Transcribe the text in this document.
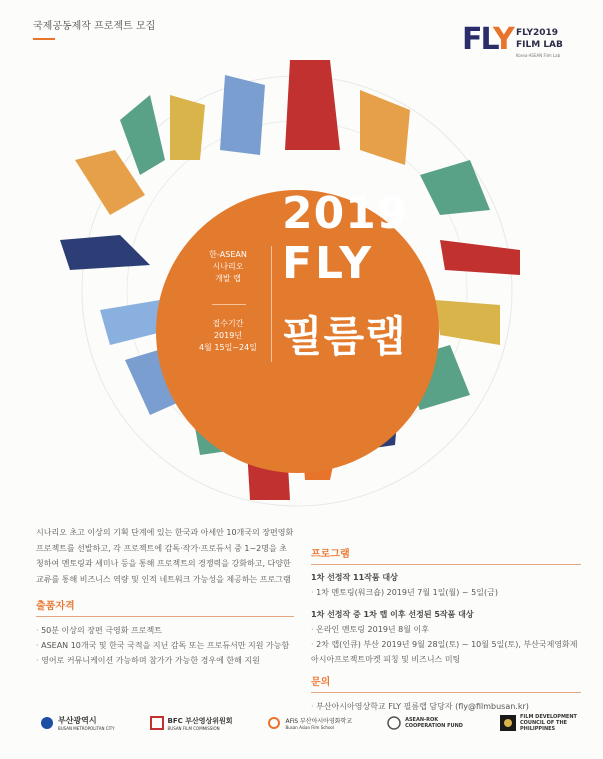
국제공동제작 프로젝트 모집	FLY FLY2019
FILM LAB
Korea-ASEAN Film Lab
한-ASEAN
시나리오
개발 랩
접수기간
2019년
4월 15일~24일
2019
FLY
필름랩
시나리오 초고 이상의 기획 단계에 있는 한국과 아세안 10개국의 장편영화 프로젝트를 선발하고, 각 프로젝트에 감독·작가·프로듀서 중 1~2명을 초청하여 멘토링과 세미나 등을 통해 프로젝트의 경쟁력을 강화하고, 다양한 교류를 통해 비즈니스 역량 및 인적 네트워크 가능성을 제공하는 프로그램
출품자격
· 50분 이상의 장편 극영화 프로젝트
· ASEAN 10개국 및 한국 국적을 지닌 감독 또는 프로듀서만 지원 가능함
· 영어로 커뮤니케이션 가능하며 참가가 가능한 경우에 한해 지원
프로그램
1차 선정작 11작품 대상
· 1차 멘토링(워크숍) 2019년 7월 1일(월) ~ 5일(금)
1차 선정작 중 1차 랩 이후 선정된 5작품 대상
· 온라인 멘토링 2019년 8월 이후
· 2차 랩(인큐) 부산 2019년 9월 28일(토) ~ 10월 5일(토), 부산국제영화제 아시아프로젝트마켓 피칭 및 비즈니스 미팅
문의
· 부산아시아영상학교 FLY 필름랩 담당자 (fly@filmbusan.kr)
부산광역시
BUSAN METROPOLITAN CITY
BFC 부산영상위원회
BUSAN FILM COMMISSION
AFiS 부산아시아영화학교
Busan Asian Film School
ASEAN-ROK COOPERATION FUND
FILM DEVELOPMENT COUNCIL OF THE PHILIPPINES
